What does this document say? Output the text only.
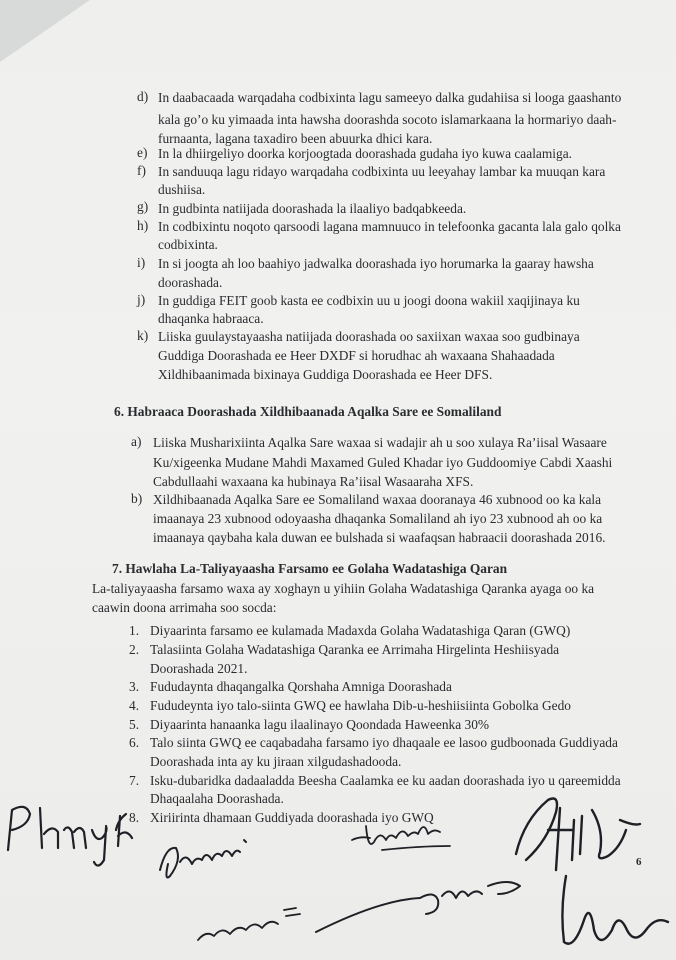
d) In daabacaada warqadaha codbixinta lagu sameeyo dalka gudahiisa si looga gaashanto
kala go’o ku yimaada inta hawsha doorashda socoto islamarkaana la hormariyo daah-
furnaanta, lagana taxadiro been abuurka dhici kara.
e) In la dhiirgeliyo doorka korjoogtada doorashada gudaha iyo kuwa caalamiga.
f) In sanduuqa lagu ridayo warqadaha codbixinta uu leeyahay lambar ka muuqan kara
dushiisa.
g) In gudbinta natiijada doorashada la ilaaliyo badqabkeeda.
h) In codbixintu noqoto qarsoodi lagana mamnuuco in telefoonka gacanta lala galo qolka
codbixinta.
i) In si joogta ah loo baahiyo jadwalka doorashada iyo horumarka la gaaray hawsha
doorashada.
j) In guddiga FEIT goob kasta ee codbixin uu u joogi doona wakiil xaqijinaya ku
dhaqanka habraaca.
k) Liiska guulaystayaasha natiijada doorashada oo saxiixan waxaa soo gudbinaya
Guddiga Doorashada ee Heer DXDF si horudhac ah waxaana Shahaadada
Xildhibaanimada bixinaya Guddiga Doorashada ee Heer DFS.
6. Habraaca Doorashada Xildhibaanada Aqalka Sare ee Somaliland
a) Liiska Musharixiinta Aqalka Sare waxaa si wadajir ah u soo xulaya Ra’iisal Wasaare
Ku/xigeenka Mudane Mahdi Maxamed Guled Khadar iyo Guddoomiye Cabdi Xaashi
Cabdullaahi waxaana ka hubinaya Ra’iisal Wasaaraha XFS.
b) Xildhibaanada Aqalka Sare ee Somaliland waxaa dooranaya 46 xubnood oo ka kala
imaanaya 23 xubnood odoyaasha dhaqanka Somaliland ah iyo 23 xubnood ah oo ka
imaanaya qaybaha kala duwan ee bulshada si waafaqsan habraacii doorashada 2016.
7. Hawlaha La-Taliyayaasha Farsamo ee Golaha Wadatashiga Qaran
La-taliyayaasha farsamo waxa ay xoghayn u yihiin Golaha Wadatashiga Qaranka ayaga oo ka
caawin doona arrimaha soo socda:
1. Diyaarinta farsamo ee kulamada Madaxda Golaha Wadatashiga Qaran (GWQ)
2. Talasiinta Golaha Wadatashiga Qaranka ee Arrimaha Hirgelinta Heshiisyada
Doorashada 2021.
3. Fududaynta dhaqangalka Qorshaha Amniga Doorashada
4. Fududeynta iyo talo-siinta GWQ ee hawlaha Dib-u-heshiisiinta Gobolka Gedo
5. Diyaarinta hanaanka lagu ilaalinayo Qoondada Haweenka 30%
6. Talo siinta GWQ ee caqabadaha farsamo iyo dhaqaale ee lasoo gudboonada Guddiyada
Doorashada inta ay ku jiraan xilgudashadooda.
7. Isku-dubaridka dadaaladda Beesha Caalamka ee ku aadan doorashada iyo u qareemidda
Dhaqaalaha Doorashada.
8. Xiriirinta dhamaan Guddiyada doorashada iyo GWQ
6
